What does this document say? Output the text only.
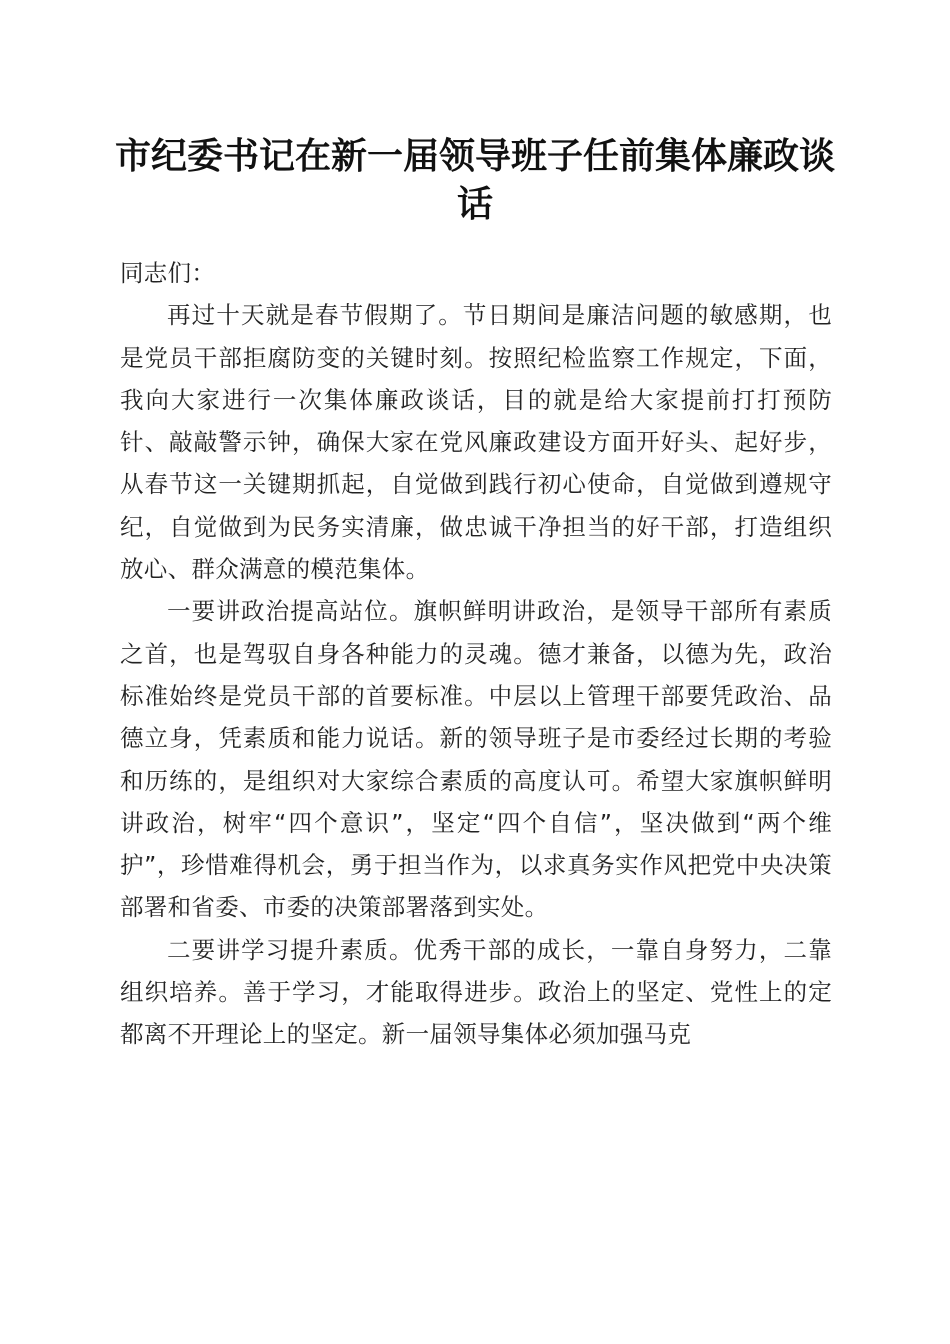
市纪委书记在新一届领导班子任前集体廉政谈话

同志们：

再过十天就是春节假期了。节日期间是廉洁问题的敏感期，也是党员干部拒腐防变的关键时刻。按照纪检监察工作规定，下面，我向大家进行一次集体廉政谈话，目的就是给大家提前打打预防针、敲敲警示钟，确保大家在党风廉政建设方面开好头、起好步，从春节这一关键期抓起，自觉做到践行初心使命，自觉做到遵规守纪，自觉做到为民务实清廉，做忠诚干净担当的好干部，打造组织放心、群众满意的模范集体。

一要讲政治提高站位。旗帜鲜明讲政治，是领导干部所有素质之首，也是驾驭自身各种能力的灵魂。德才兼备，以德为先，政治标准始终是党员干部的首要标准。中层以上管理干部要凭政治、品德立身，凭素质和能力说话。新的领导班子是市委经过长期的考验和历练的，是组织对大家综合素质的高度认可。希望大家旗帜鲜明讲政治，树牢“四个意识”，坚定“四个自信”，坚决做到“两个维护”，珍惜难得机会，勇于担当作为，以求真务实作风把党中央决策部署和省委、市委的决策部署落到实处。

二要讲学习提升素质。优秀干部的成长，一靠自身努力，二靠组织培养。善于学习，才能取得进步。政治上的坚定、党性上的定都离不开理论上的坚定。新一届领导集体必须加强马克
